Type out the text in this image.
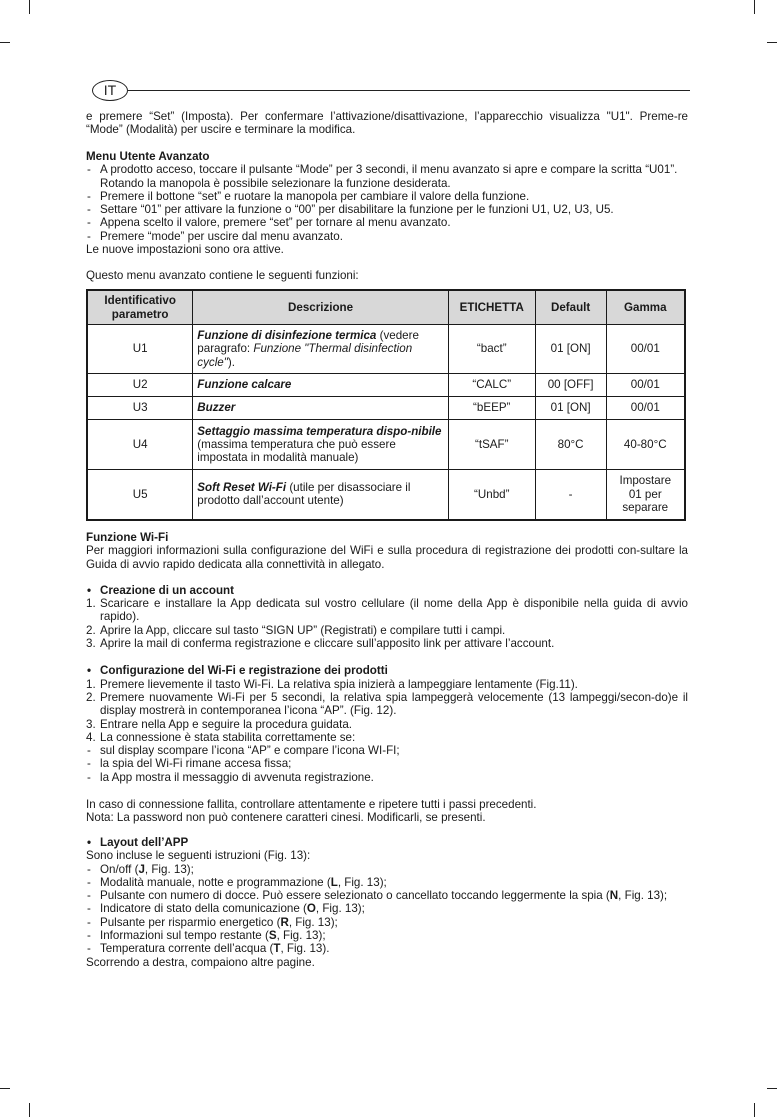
IT

e premere “Set” (Imposta). Per confermare l’attivazione/disattivazione, l’apparecchio visualizza "U1". Preme-re “Mode” (Modalità) per uscire e terminare la modifica.

Menu Utente Avanzato

- A prodotto acceso, toccare il pulsante “Mode” per 3 secondi, il menu avanzato si apre e compare la scritta “U01”. Rotando la manopola è possibile selezionare la funzione desiderata.
- Premere il bottone “set” e ruotare la manopola per cambiare il valore della funzione.
- Settare “01” per attivare la funzione o “00” per disabilitare la funzione per le funzioni U1, U2, U3, U5.
- Appena scelto il valore, premere “set” per tornare al menu avanzato.
- Premere “mode” per uscire dal menu avanzato.

Le nuove impostazioni sono ora attive.

Questo menu avanzato contiene le seguenti funzioni:

Identificativo parametro	Descrizione	ETICHETTA	Default	Gamma
U1	Funzione di disinfezione termica (vedere paragrafo: Funzione "Thermal disinfection cycle").	“bact”	01 [ON]	00/01
U2	Funzione calcare	“CALC”	00 [OFF]	00/01
U3	Buzzer	“bEEP”	01 [ON]	00/01
U4	Settaggio massima temperatura dispo-nibile (massima temperatura che può essere impostata in modalità manuale)	“tSAF”	80°C	40-80°C
U5	Soft Reset Wi-Fi (utile per disassociare il prodotto dall’account utente)	“Unbd”	-	Impostare 01 per separare

Funzione Wi-Fi

Per maggiori informazioni sulla configurazione del WiFi e sulla procedura di registrazione dei prodotti con-sultare la Guida di avvio rapido dedicata alla connettività in allegato.

• Creazione di un account
1. Scaricare e installare la App dedicata sul vostro cellulare (il nome della App è disponibile nella guida di avvio rapido).
2. Aprire la App, cliccare sul tasto “SIGN UP” (Registrati) e compilare tutti i campi.
3. Aprire la mail di conferma registrazione e cliccare sull’apposito link per attivare l’account.
• Configurazione del Wi-Fi e registrazione dei prodotti
1. Premere lievemente il tasto Wi-Fi. La relativa spia inizierà a lampeggiare lentamente (Fig.11).
2. Premere nuovamente Wi-Fi per 5 secondi, la relativa spia lampeggerà velocemente (13 lampeggi/secon-do)e il display mostrerà in contemporanea l’icona “AP”. (Fig. 12).
3. Entrare nella App e seguire la procedura guidata.
4. La connessione è stata stabilita correttamente se:
- sul display scompare l’icona “AP” e compare l’icona WI-FI;
- la spia del Wi-Fi rimane accesa fissa;
- la App mostra il messaggio di avvenuta registrazione.

In caso di connessione fallita, controllare attentamente e ripetere tutti i passi precedenti.

Nota: La password non può contenere caratteri cinesi. Modificarli, se presenti.

• Layout dell’APP

Sono incluse le seguenti istruzioni (Fig. 13):

- On/off (J, Fig. 13);
- Modalità manuale, notte e programmazione (L, Fig. 13);
- Pulsante con numero di docce. Può essere selezionato o cancellato toccando leggermente la spia (N, Fig. 13);
- Indicatore di stato della comunicazione (O, Fig. 13);
- Pulsante per risparmio energetico (R, Fig. 13);
- Informazioni sul tempo restante (S, Fig. 13);
- Temperatura corrente dell’acqua (T, Fig. 13).

Scorrendo a destra, compaiono altre pagine.
